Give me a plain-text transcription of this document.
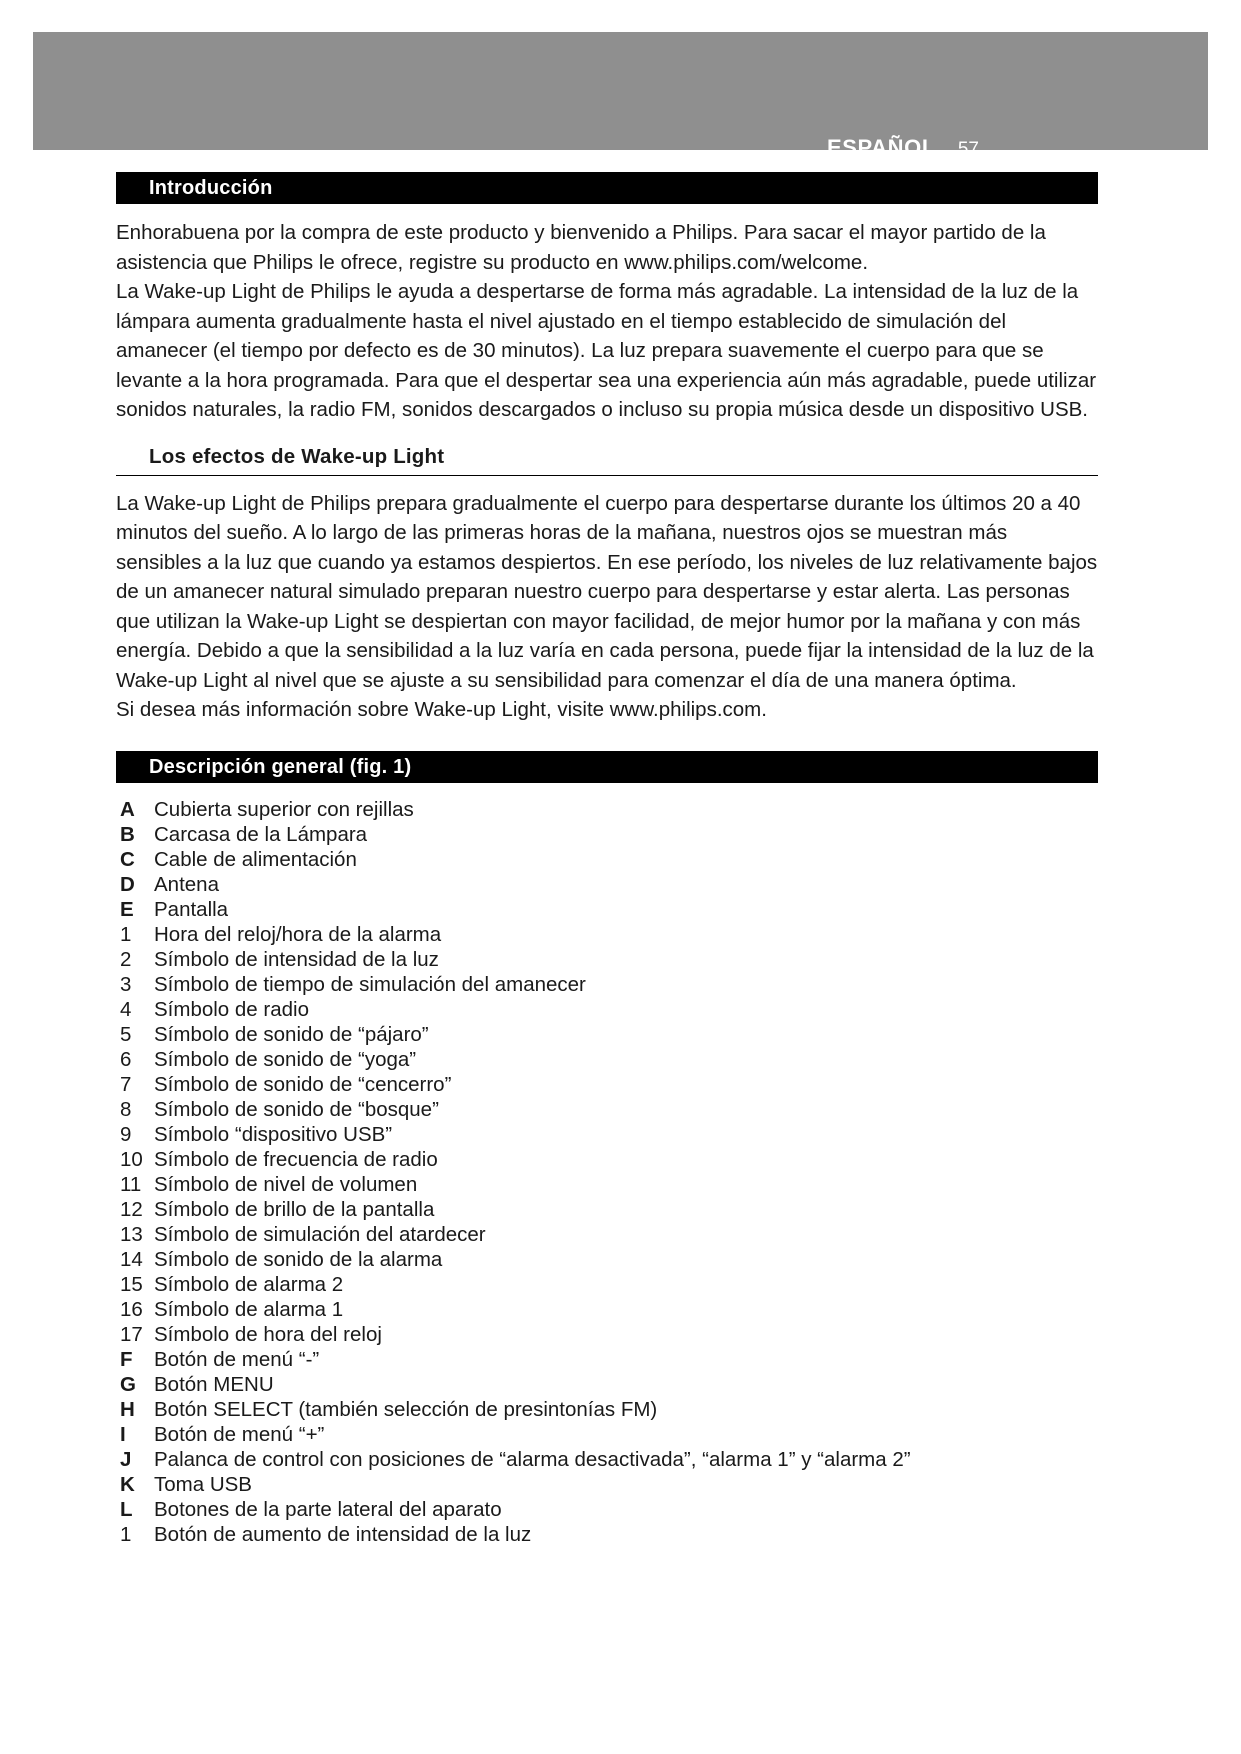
ESPAÑOL 57
Introducción

Enhorabuena por la compra de este producto y bienvenido a Philips. Para sacar el mayor partido de la asistencia que Philips le ofrece, registre su producto en www.philips.com/welcome.

La Wake-up Light de Philips le ayuda a despertarse de forma más agradable. La intensidad de la luz de la lámpara aumenta gradualmente hasta el nivel ajustado en el tiempo establecido de simulación del amanecer (el tiempo por defecto es de 30 minutos). La luz prepara suavemente el cuerpo para que se levante a la hora programada. Para que el despertar sea una experiencia aún más agradable, puede utilizar sonidos naturales, la radio FM, sonidos descargados o incluso su propia música desde un dispositivo USB.

Los efectos de Wake-up Light

La Wake-up Light de Philips prepara gradualmente el cuerpo para despertarse durante los últimos 20 a 40 minutos del sueño. A lo largo de las primeras horas de la mañana, nuestros ojos se muestran más sensibles a la luz que cuando ya estamos despiertos. En ese período, los niveles de luz relativamente bajos de un amanecer natural simulado preparan nuestro cuerpo para despertarse y estar alerta. Las personas que utilizan la Wake-up Light se despiertan con mayor facilidad, de mejor humor por la mañana y con más energía. Debido a que la sensibilidad a la luz varía en cada persona, puede fijar la intensidad de la luz de la Wake-up Light al nivel que se ajuste a su sensibilidad para comenzar el día de una manera óptima.

Si desea más información sobre Wake-up Light, visite www.philips.com.

Descripción general (fig. 1)
A Cubierta superior con rejillas
B Carcasa de la Lámpara
C Cable de alimentación
D Antena
E Pantalla
1	Hora del reloj/hora de la alarma
2	Símbolo de intensidad de la luz
3	Símbolo de tiempo de simulación del amanecer
4	Símbolo de radio
5	Símbolo de sonido de “pájaro”
6	Símbolo de sonido de “yoga”
7	Símbolo de sonido de “cencerro”
8	Símbolo de sonido de “bosque”
9	Símbolo “dispositivo USB”
10 Símbolo de frecuencia de radio
11 Símbolo de nivel de volumen
12 Símbolo de brillo de la pantalla
13 Símbolo de simulación del atardecer
14 Símbolo de sonido de la alarma
15 Símbolo de alarma 2
16 Símbolo de alarma 1
17 Símbolo de hora del reloj
F	Botón de menú “-”
G Botón MENU
H Botón SELECT (también selección de presintonías FM)
I	Botón de menú “+”
J	Palanca de control con posiciones de “alarma desactivada”, “alarma 1” y “alarma 2”
K Toma USB
L	Botones de la parte lateral del aparato
1	Botón de aumento de intensidad de la luz
